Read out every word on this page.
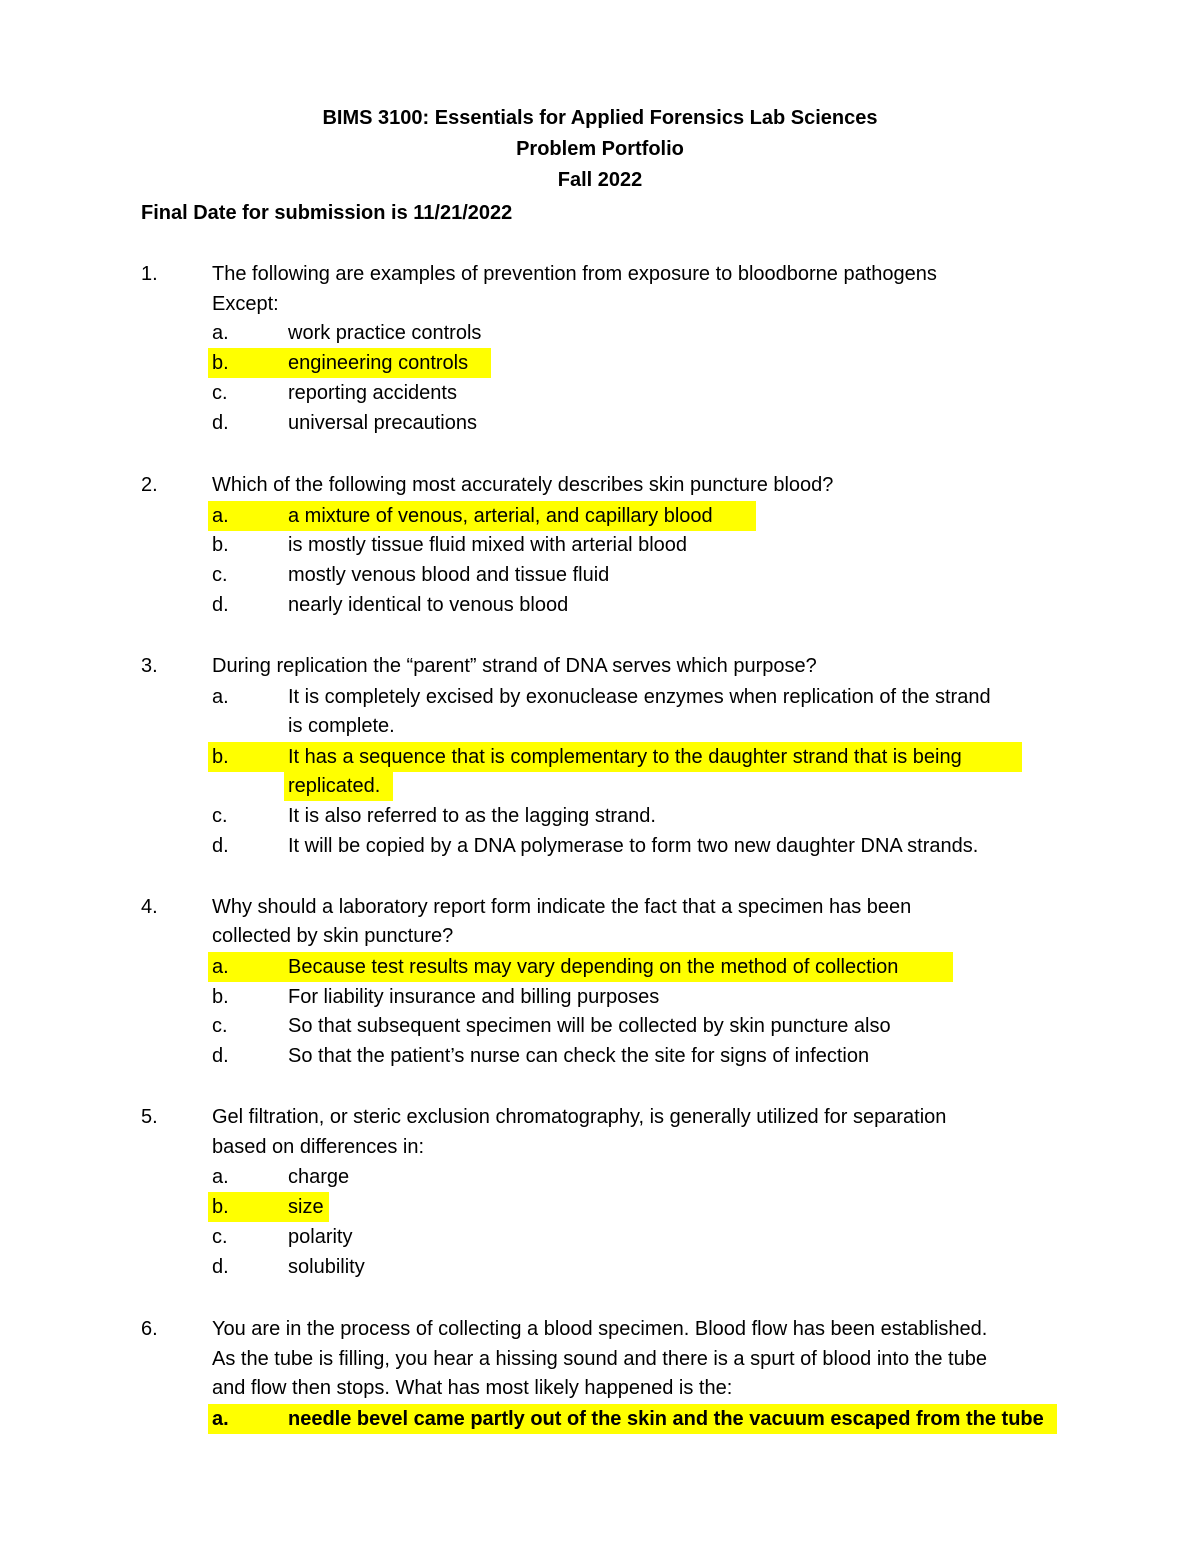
BIMS 3100: Essentials for Applied Forensics Lab Sciences
Problem Portfolio
Fall 2022
Final Date for submission is 11/21/2022
1.	The following are examples of prevention from exposure to bloodborne pathogens
Except:
a.	work practice controls
b.	engineering controls
c.	reporting accidents
d.	universal precautions
2.	Which of the following most accurately describes skin puncture blood?
a.	a mixture of venous, arterial, and capillary blood
b.	is mostly tissue fluid mixed with arterial blood
c.	mostly venous blood and tissue fluid
d.	nearly identical to venous blood
3.	During replication the “parent” strand of DNA serves which purpose?
a.	It is completely excised by exonuclease enzymes when replication of the strand
is complete.
b.	It has a sequence that is complementary to the daughter strand that is being
replicated.
c.	It is also referred to as the lagging strand.
d.	It will be copied by a DNA polymerase to form two new daughter DNA strands.
4.	Why should a laboratory report form indicate the fact that a specimen has been
collected by skin puncture?
a.	Because test results may vary depending on the method of collection
b.	For liability insurance and billing purposes
c.	So that subsequent specimen will be collected by skin puncture also
d.	So that the patient’s nurse can check the site for signs of infection
5.	Gel filtration, or steric exclusion chromatography, is generally utilized for separation
based on differences in:
a.	charge
b.	size
c.	polarity
d.	solubility
6.	You are in the process of collecting a blood specimen. Blood flow has been established.
As the tube is filling, you hear a hissing sound and there is a spurt of blood into the tube
and flow then stops. What has most likely happened is the:
a.	needle bevel came partly out of the skin and the vacuum escaped from the tube
